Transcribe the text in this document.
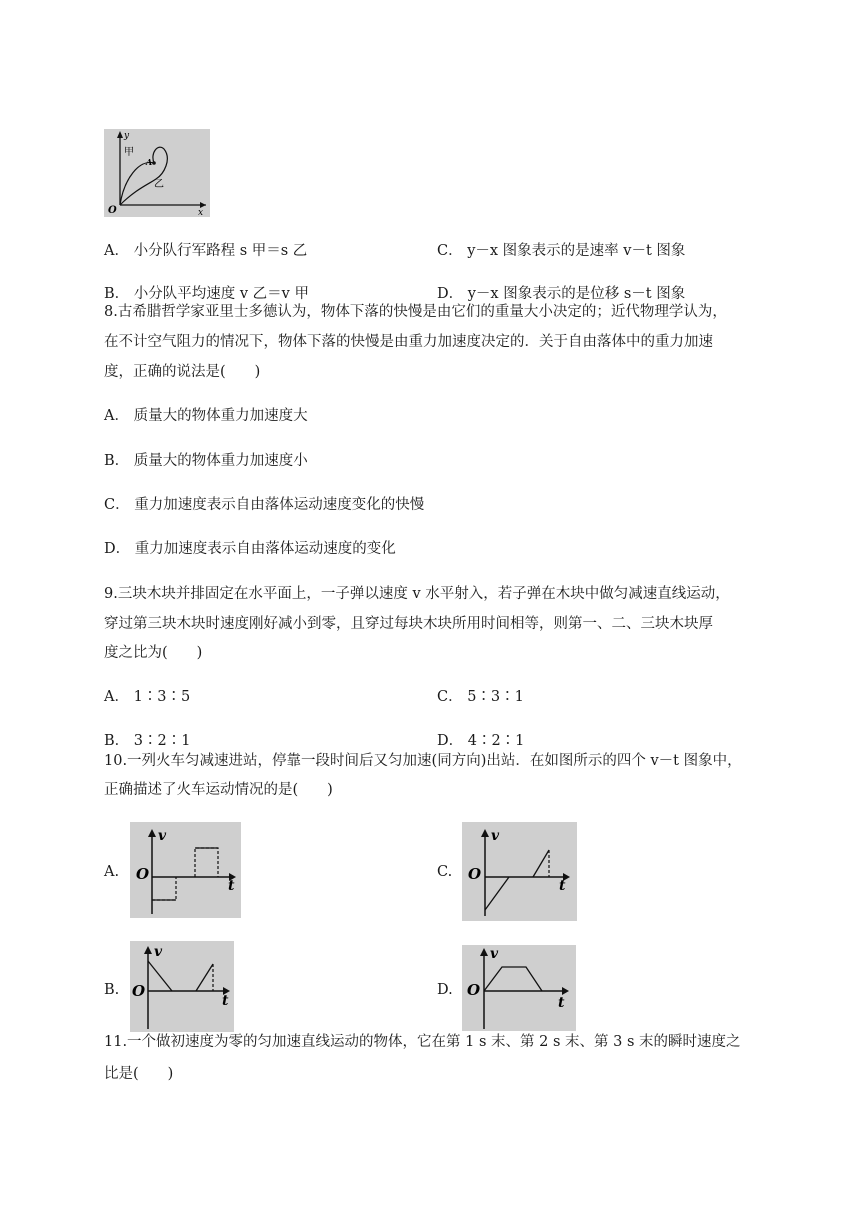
y
x
O
A
甲
乙
A． 小分队行军路程 s 甲＝s 乙	C． y－x 图象表示的是速率 v－t 图象
B． 小分队平均速度 v 乙＝v 甲	D． y－x 图象表示的是位移 s－t 图象
8.古希腊哲学家亚里士多德认为，物体下落的快慢是由它们的重量大小决定的；近代物理学认为，
在不计空气阻力的情况下，物体下落的快慢是由重力加速度决定的．关于自由落体中的重力加速
度，正确的说法是(　　)
A． 质量大的物体重力加速度大
B． 质量大的物体重力加速度小
C． 重力加速度表示自由落体运动速度变化的快慢
D． 重力加速度表示自由落体运动速度的变化
9.三块木块并排固定在水平面上，一子弹以速度 v 水平射入，若子弹在木块中做匀减速直线运动，
穿过第三块木块时速度刚好减小到零，且穿过每块木块所用时间相等，则第一、二、三块木块厚
度之比为(　　)
A． 1∶3∶5	C． 5∶3∶1
B． 3∶2∶1	D． 4∶2∶1
10.一列火车匀减速进站，停靠一段时间后又匀加速(同方向)出站．在如图所示的四个 v－t 图象中，
正确描述了火车运动情况的是(　　)
A.
v
t
O	C.
v
t
O
B.
v
t
O	D.
v
t
O
11.一个做初速度为零的匀加速直线运动的物体，它在第 1 s 末、第 2 s 末、第 3 s 末的瞬时速度之
比是(　　)
